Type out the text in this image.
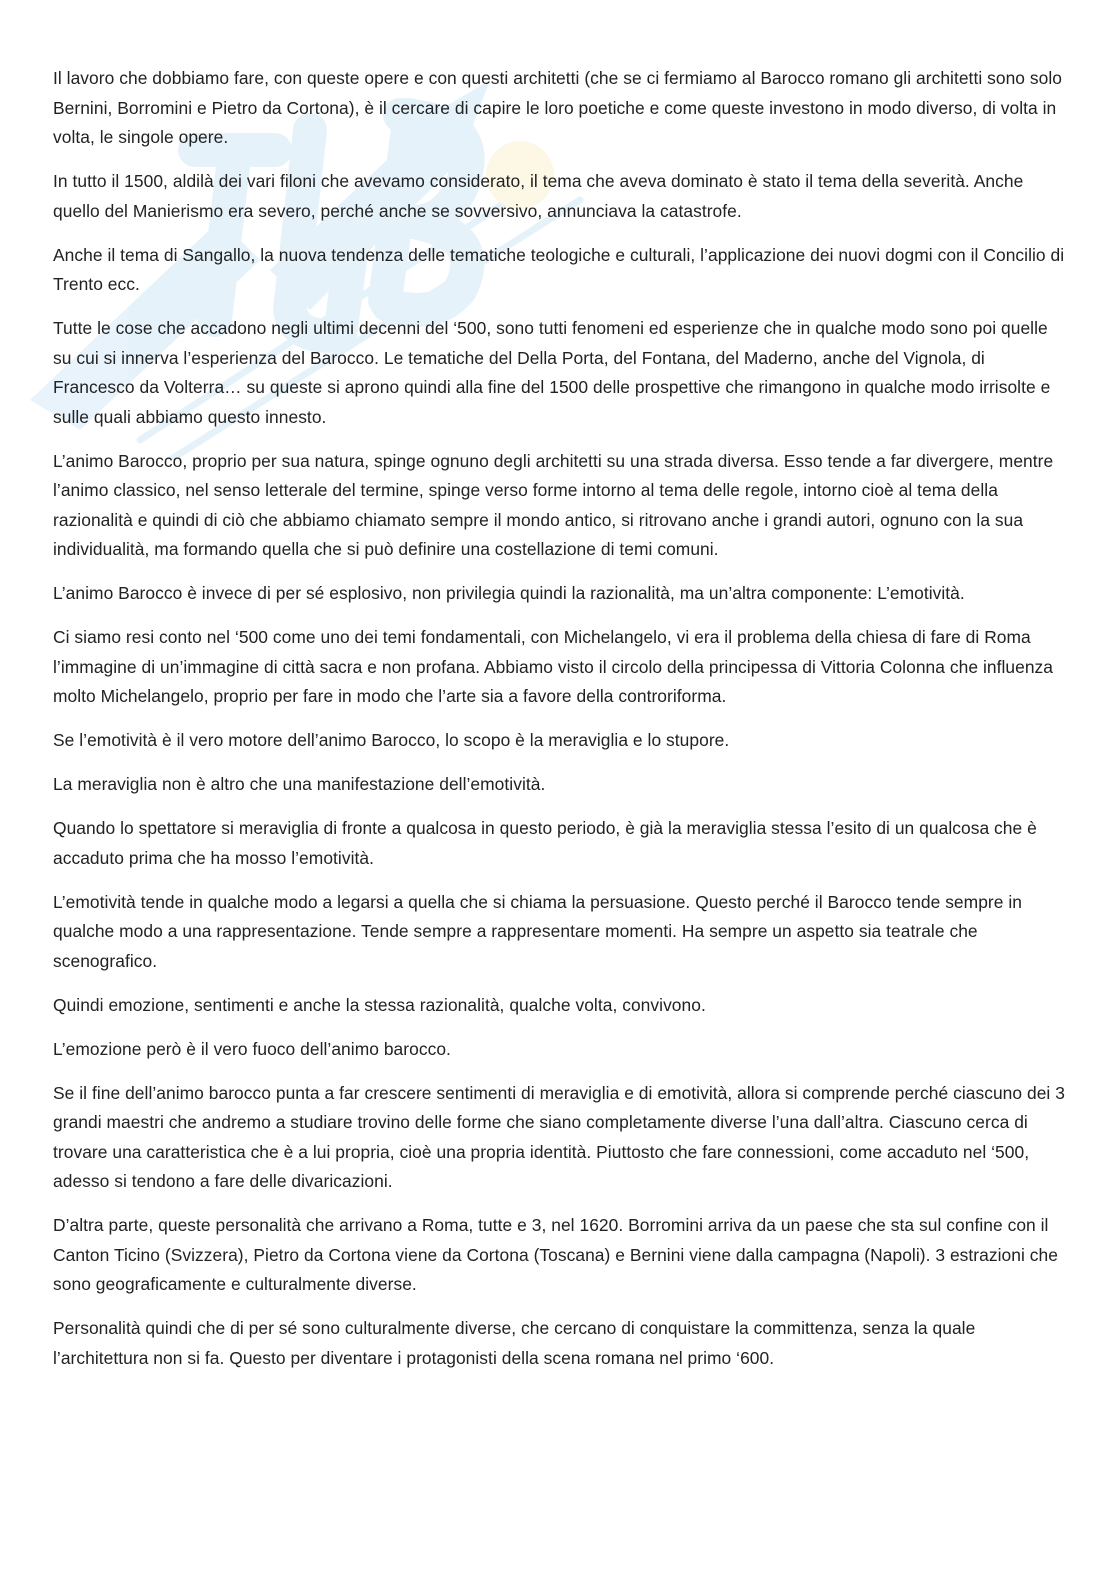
Il lavoro che dobbiamo fare, con queste opere e con questi architetti (che se ci fermiamo al Barocco romano gli architetti sono solo Bernini, Borromini e Pietro da Cortona), è il cercare di capire le loro poetiche e come queste investono in modo diverso, di volta in volta, le singole opere.

In tutto il 1500, aldilà dei vari filoni che avevamo considerato, il tema che aveva dominato è stato il tema della severità. Anche quello del Manierismo era severo, perché anche se sovversivo, annunciava la catastrofe.

Anche il tema di Sangallo, la nuova tendenza delle tematiche teologiche e culturali, l’applicazione dei nuovi dogmi con il Concilio di Trento ecc.

Tutte le cose che accadono negli ultimi decenni del ‘500, sono tutti fenomeni ed esperienze che in qualche modo sono poi quelle su cui si innerva l’esperienza del Barocco. Le tematiche del Della Porta, del Fontana, del Maderno, anche del Vignola, di Francesco da Volterra… su queste si aprono quindi alla fine del 1500 delle prospettive che rimangono in qualche modo irrisolte e sulle quali abbiamo questo innesto.

L’animo Barocco, proprio per sua natura, spinge ognuno degli architetti su una strada diversa. Esso tende a far divergere, mentre l’animo classico, nel senso letterale del termine, spinge verso forme intorno al tema delle regole, intorno cioè al tema della razionalità e quindi di ciò che abbiamo chiamato sempre il mondo antico, si ritrovano anche i grandi autori, ognuno con la sua individualità, ma formando quella che si può definire una costellazione di temi comuni.

L’animo Barocco è invece di per sé esplosivo, non privilegia quindi la razionalità, ma un’altra componente: L’emotività.

Ci siamo resi conto nel ‘500 come uno dei temi fondamentali, con Michelangelo, vi era il problema della chiesa di fare di Roma l’immagine di un’immagine di città sacra e non profana. Abbiamo visto il circolo della principessa di Vittoria Colonna che influenza molto Michelangelo, proprio per fare in modo che l’arte sia a favore della controriforma.

Se l’emotività è il vero motore dell’animo Barocco, lo scopo è la meraviglia e lo stupore.

La meraviglia non è altro che una manifestazione dell’emotività.

Quando lo spettatore si meraviglia di fronte a qualcosa in questo periodo, è già la meraviglia stessa l’esito di un qualcosa che è accaduto prima che ha mosso l’emotività.

L’emotività tende in qualche modo a legarsi a quella che si chiama la persuasione. Questo perché il Barocco tende sempre in qualche modo a una rappresentazione. Tende sempre a rappresentare momenti. Ha sempre un aspetto sia teatrale che scenografico.

Quindi emozione, sentimenti e anche la stessa razionalità, qualche volta, convivono.

L’emozione però è il vero fuoco dell’animo barocco.

Se il fine dell’animo barocco punta a far crescere sentimenti di meraviglia e di emotività, allora si comprende perché ciascuno dei 3 grandi maestri che andremo a studiare trovino delle forme che siano completamente diverse l’una dall’altra. Ciascuno cerca di trovare una caratteristica che è a lui propria, cioè una propria identità. Piuttosto che fare connessioni, come accaduto nel ‘500, adesso si tendono a fare delle divaricazioni.

D’altra parte, queste personalità che arrivano a Roma, tutte e 3, nel 1620. Borromini arriva da un paese che sta sul confine con il Canton Ticino (Svizzera), Pietro da Cortona viene da Cortona (Toscana) e Bernini viene dalla campagna (Napoli). 3 estrazioni che sono geograficamente e culturalmente diverse.

Personalità quindi che di per sé sono culturalmente diverse, che cercano di conquistare la committenza, senza la quale l’architettura non si fa. Questo per diventare i protagonisti della scena romana nel primo ‘600.
